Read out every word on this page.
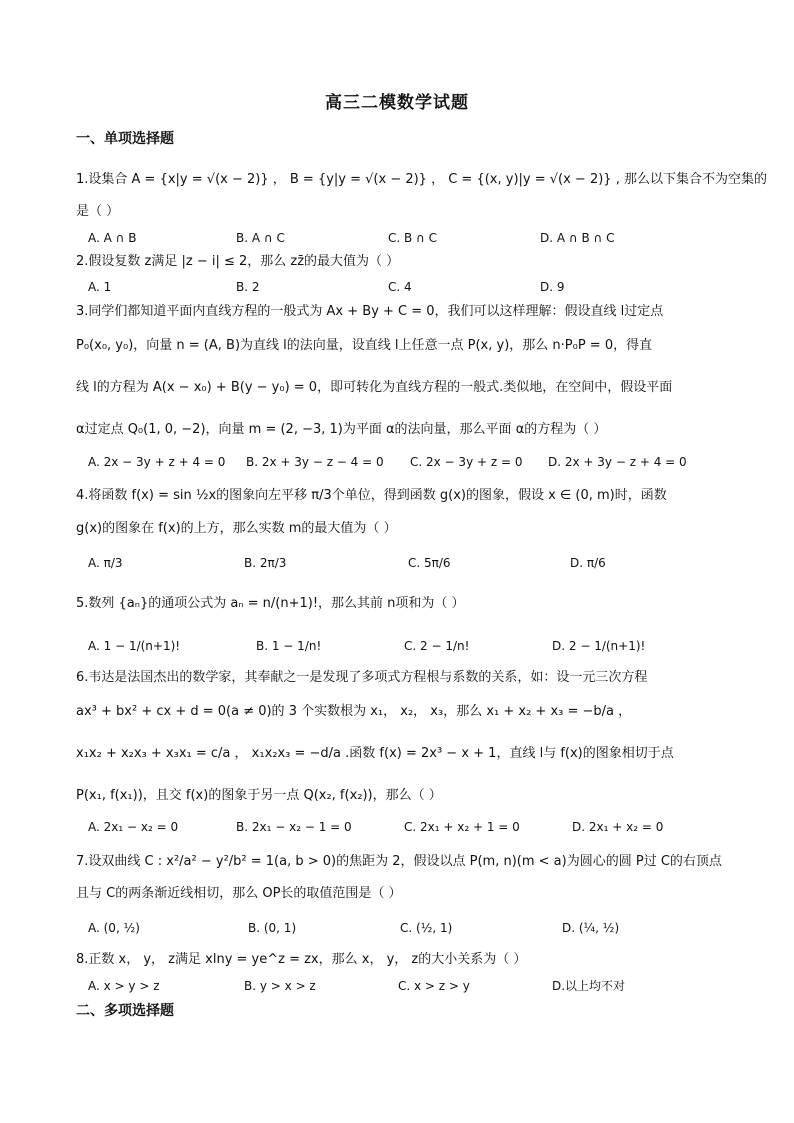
高三二模数学试题
一、单项选择题
1.设集合 A = {x|y = √(x − 2)} ， B = {y|y = √(x − 2)} ， C = {(x, y)|y = √(x − 2)} , 那么以下集合不为空集的
是（ ）
A. A ∩ B	B. A ∩ C	C. B ∩ C	D. A ∩ B ∩ C
2.假设复数 z满足 |z − i| ≤ 2，那么 zz̄的最大值为（ ）
A. 1	B. 2	C. 4	D. 9
3.同学们都知道平面内直线方程的一般式为 Ax + By + C = 0，我们可以这样理解：假设直线 l过定点
P₀(x₀, y₀)，向量 n = (A, B)为直线 l的法向量，设直线 l上任意一点 P(x, y)，那么 n·P₀P = 0，得直
线 l的方程为 A(x − x₀) + B(y − y₀) = 0，即可转化为直线方程的一般式.类似地，在空间中，假设平面
α过定点 Q₀(1, 0, −2)，向量 m = (2, −3, 1)为平面 α的法向量，那么平面 α的方程为（ ）
A. 2x − 3y + z + 4 = 0 B. 2x + 3y − z − 4 = 0 C. 2x − 3y + z = 0 D. 2x + 3y − z + 4 = 0
4.将函数 f(x) = sin ½x的图象向左平移 π/3个单位，得到函数 g(x)的图象，假设 x ∈ (0, m)时，函数
g(x)的图象在 f(x)的上方，那么实数 m的最大值为（ ）
A. π/3	B. 2π/3	C. 5π/6	D. π/6
5.数列 {aₙ}的通项公式为 aₙ = n/(n+1)!，那么其前 n项和为（ ）
A. 1 − 1/(n+1)!	B. 1 − 1/n!	C. 2 − 1/n!	D. 2 − 1/(n+1)!
6.韦达是法国杰出的数学家，其奉献之一是发现了多项式方程根与系数的关系，如：设一元三次方程
ax³ + bx² + cx + d = 0(a ≠ 0)的 3 个实数根为 x₁， x₂， x₃，那么 x₁ + x₂ + x₃ = −b/a ，
x₁x₂ + x₂x₃ + x₃x₁ = c/a ， x₁x₂x₃ = −d/a .函数 f(x) = 2x³ − x + 1，直线 l与 f(x)的图象相切于点
P(x₁, f(x₁))，且交 f(x)的图象于另一点 Q(x₂, f(x₂))，那么（ ）
A. 2x₁ − x₂ = 0	B. 2x₁ − x₂ − 1 = 0	C. 2x₁ + x₂ + 1 = 0	D. 2x₁ + x₂ = 0
7.设双曲线 C : x²/a² − y²/b² = 1(a, b > 0)的焦距为 2，假设以点 P(m, n)(m < a)为圆心的圆 P过 C的右顶点
且与 C的两条渐近线相切，那么 OP长的取值范围是（ ）
A. (0, ½)	B. (0, 1)	C. (½, 1)	D. (¼, ½)
8.正数 x， y， z满足 xlny = ye^z = zx，那么 x， y， z的大小关系为（ ）
A. x > y > z	B. y > x > z	C. x > z > y	D.以上均不对
二、多项选择题
